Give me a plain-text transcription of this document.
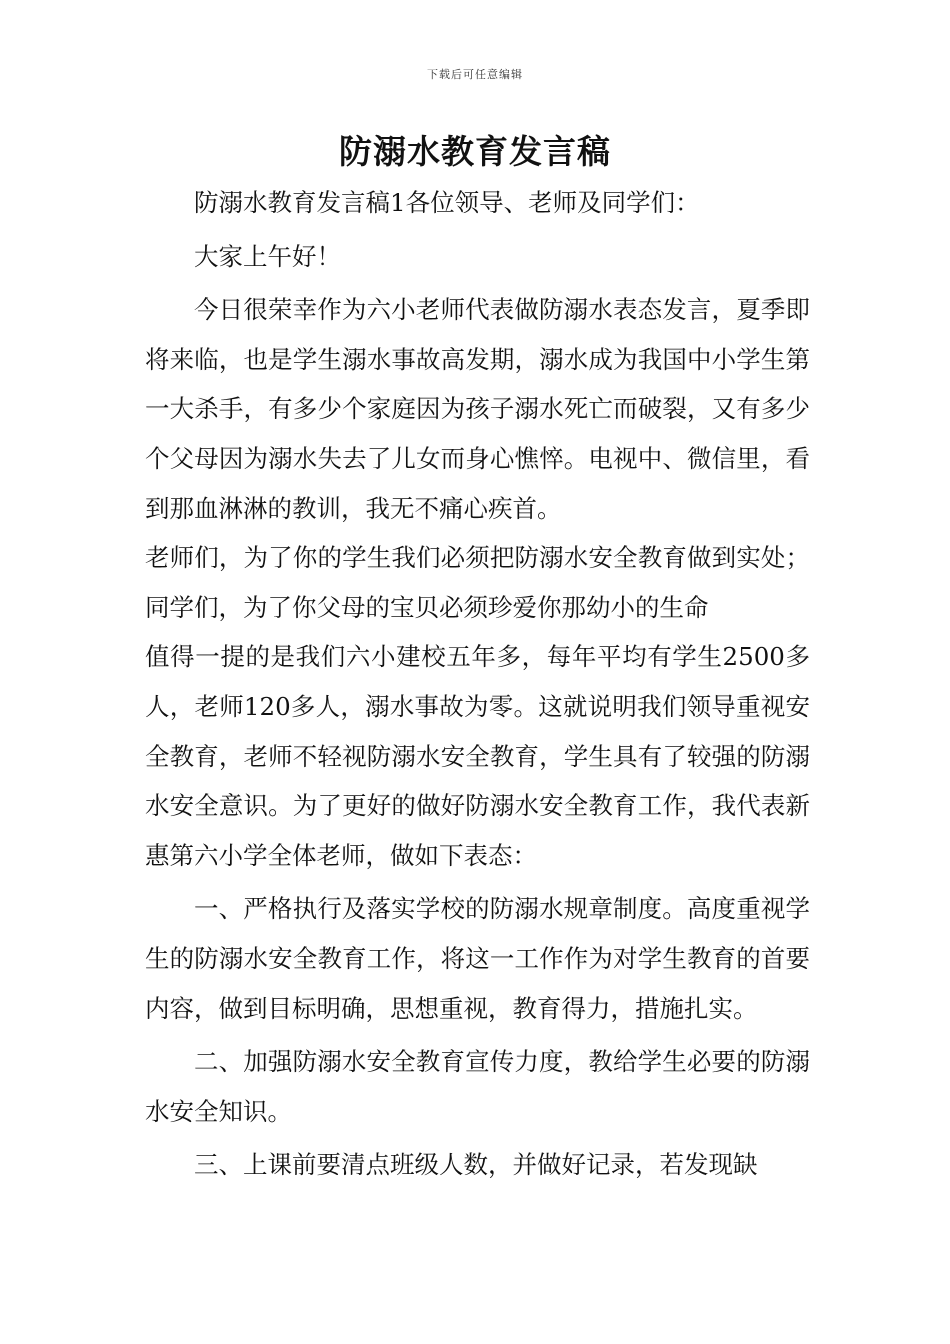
下载后可任意编辑
防溺水教育发言稿

防溺水教育发言稿1各位领导、老师及同学们：

大家上午好！

今日很荣幸作为六小老师代表做防溺水表态发言，夏季即将来临，也是学生溺水事故高发期，溺水成为我国中小学生第一大杀手，有多少个家庭因为孩子溺水死亡而破裂，又有多少个父母因为溺水失去了儿女而身心憔悴。电视中、微信里，看到那血淋淋的教训，我无不痛心疾首。

老师们，为了你的学生我们必须把防溺水安全教育做到实处；同学们，为了你父母的宝贝必须珍爱你那幼小的生命

值得一提的是我们六小建校五年多，每年平均有学生2500多人，老师120多人，溺水事故为零。这就说明我们领导重视安全教育，老师不轻视防溺水安全教育，学生具有了较强的防溺水安全意识。为了更好的做好防溺水安全教育工作，我代表新惠第六小学全体老师，做如下表态：

一、严格执行及落实学校的防溺水规章制度。高度重视学生的防溺水安全教育工作，将这一工作作为对学生教育的首要内容，做到目标明确，思想重视，教育得力，措施扎实。

二、加强防溺水安全教育宣传力度，教给学生必要的防溺水安全知识。

三、上课前要清点班级人数，并做好记录，若发现缺
